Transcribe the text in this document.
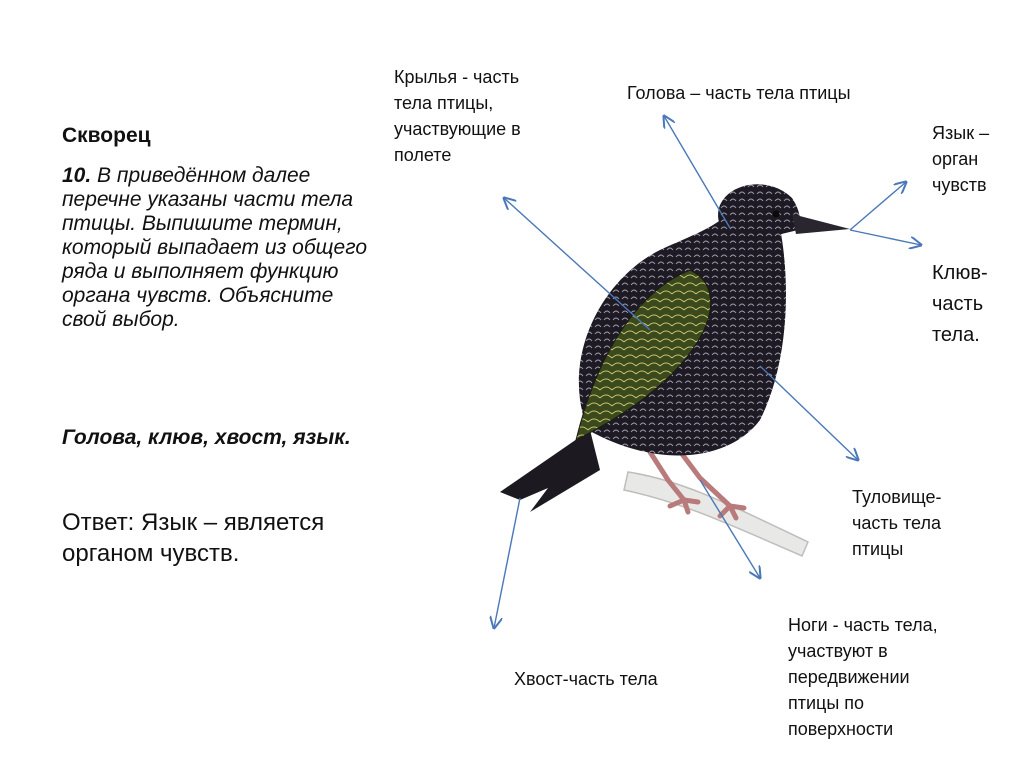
Скворец
10. В приведённом далее перечне указаны части тела птицы. Выпишите термин, который выпадает из общего ряда и выполняет функцию органа чувств. Объясните свой выбор.
Голова, клюв, хвост, язык.
Ответ: Язык – является органом чувств.
Крылья - часть
тела птицы,
участвующие в
полете
Голова – часть тела птицы
Язык –
орган
чувств
Клюв-
часть
тела.
Туловище-
часть тела
птицы
Ноги - часть тела,
участвуют в
передвижении
птицы по
поверхности
Хвост-часть тела
